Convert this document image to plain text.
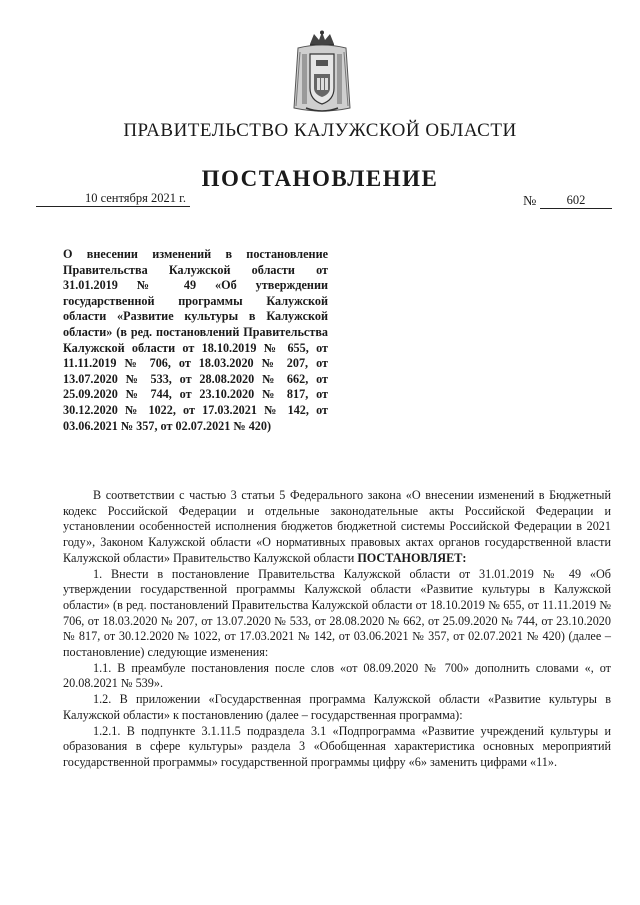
ПРАВИТЕЛЬСТВО КАЛУЖСКОЙ ОБЛАСТИ
ПОСТАНОВЛЕНИЕ
10 сентября 2021 г.	№	602
О внесении изменений в постановление Правительства Калужской области от 31.01.2019 № 49 «Об утверждении государственной программы Калужской области «Развитие культуры в Калужской области» (в ред. постановлений Правительства Калужской области от 18.10.2019 № 655, от 11.11.2019 № 706, от 18.03.2020 № 207, от 13.07.2020 № 533, от 28.08.2020 № 662, от 25.09.2020 № 744, от 23.10.2020 № 817, от 30.12.2020 № 1022, от 17.03.2021 № 142, от 03.06.2021 № 357, от 02.07.2021 № 420)

В соответствии с частью 3 статьи 5 Федерального закона «О внесении изменений в Бюджетный кодекс Российской Федерации и отдельные законодательные акты Российской Федерации и установлении особенностей исполнения бюджетов бюджетной системы Российской Федерации в 2021 году», Законом Калужской области «О нормативных правовых актах органов государственной власти Калужской области» Правительство Калужской области ПОСТАНОВЛЯЕТ:

1. Внести в постановление Правительства Калужской области от 31.01.2019 № 49 «Об утверждении государственной программы Калужской области «Развитие культуры в Калужской области» (в ред. постановлений Правительства Калужской области от 18.10.2019 № 655, от 11.11.2019 № 706, от 18.03.2020 № 207, от 13.07.2020 № 533, от 28.08.2020 № 662, от 25.09.2020 № 744, от 23.10.2020 № 817, от 30.12.2020 № 1022, от 17.03.2021 № 142, от 03.06.2021 № 357, от 02.07.2021 № 420) (далее – постановление) следующие изменения:

1.1. В преамбуле постановления после слов «от 08.09.2020 № 700» дополнить словами «, от 20.08.2021 № 539».

1.2. В приложении «Государственная программа Калужской области «Развитие культуры в Калужской области» к постановлению (далее – государственная программа):

1.2.1. В подпункте 3.1.11.5 подраздела 3.1 «Подпрограмма «Развитие учреждений культуры и образования в сфере культуры» раздела 3 «Обобщенная характеристика основных мероприятий государственной программы» государственной программы цифру «6» заменить цифрами «11».
